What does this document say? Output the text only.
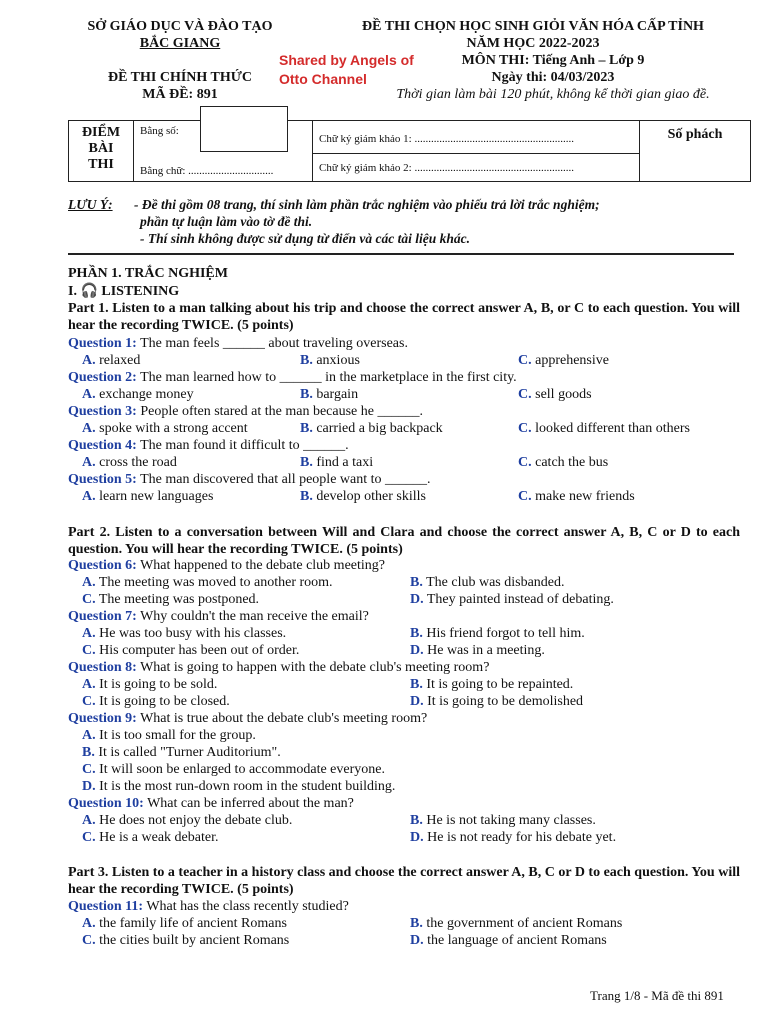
SỞ GIÁO DỤC VÀ ĐÀO TẠO
BẮC GIANG
ĐỀ THI CHÍNH THỨC
MÃ ĐỀ: 891
ĐỀ THI CHỌN HỌC SINH GIỎI VĂN HÓA CẤP TỈNH
NĂM HỌC 2022-2023
MÔN THI: Tiếng Anh – Lớp 9
Ngày thi: 04/03/2023
Thời gian làm bài 120 phút, không kể thời gian giao đề.
Shared by Angels of
Otto Channel
ĐIỂM BÀI THI

Bằng số:
Bằng chữ: ...............................
	Chữ ký giám khảo 1: ..........................................................	Số phách
Chữ ký giám khảo 2: ..........................................................
LƯU Ý: - Đề thi gồm 08 trang, thí sinh làm phần trắc nghiệm vào phiếu trả lời trắc nghiệm;
phần tự luận làm vào tờ đề thi.
- Thí sinh không được sử dụng từ điển và các tài liệu khác.
PHẦN 1. TRẮC NGHIỆM
I. 🎧 LISTENING
Part 1. Listen to a man talking about his trip and choose the correct answer A, B, or C to each question. You will hear the recording TWICE. (5 points)
Question 1: The man feels ______ about traveling overseas.
A. relaxed	B. anxious	C. apprehensive
Question 2: The man learned how to ______ in the marketplace in the first city.
A. exchange money	B. bargain	C. sell goods
Question 3: People often stared at the man because he ______.
A. spoke with a strong accent	B. carried a big backpack	C. looked different than others
Question 4: The man found it difficult to ______.
A. cross the road	B. find a taxi	C. catch the bus
Question 5: The man discovered that all people want to ______.
A. learn new languages	B. develop other skills	C. make new friends
Part 2. Listen to a conversation between Will and Clara and choose the correct answer A, B, C or D to each question. You will hear the recording TWICE. (5 points)
Question 6: What happened to the debate club meeting?
A. The meeting was moved to another room.	B. The club was disbanded.
C. The meeting was postponed.	D. They painted instead of debating.
Question 7: Why couldn't the man receive the email?
A. He was too busy with his classes.	B. His friend forgot to tell him.
C. His computer has been out of order.	D. He was in a meeting.
Question 8: What is going to happen with the debate club's meeting room?
A. It is going to be sold.	B. It is going to be repainted.
C. It is going to be closed.	D. It is going to be demolished
Question 9: What is true about the debate club's meeting room?
A. It is too small for the group.
B. It is called "Turner Auditorium".
C. It will soon be enlarged to accommodate everyone.
D. It is the most run-down room in the student building.
Question 10: What can be inferred about the man?
A. He does not enjoy the debate club.	B. He is not taking many classes.
C. He is a weak debater.	D. He is not ready for his debate yet.
Part 3. Listen to a teacher in a history class and choose the correct answer A, B, C or D to each question. You will hear the recording TWICE. (5 points)
Question 11: What has the class recently studied?
A. the family life of ancient Romans	B. the government of ancient Romans
C. the cities built by ancient Romans	D. the language of ancient Romans
Trang 1/8 - Mã đề thi 891
